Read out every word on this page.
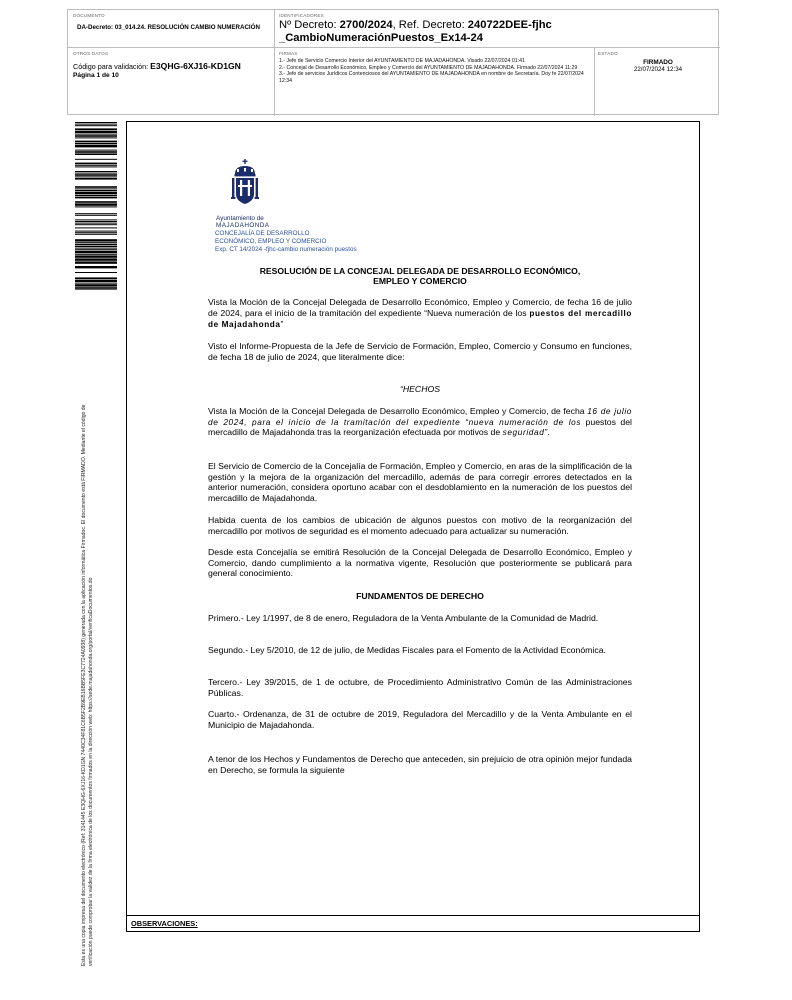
DOCUMENTO
DA-Decreto: 03_014.24. RESOLUCIÓN CAMBIO NUMERACIÓN
IDENTIFICADORES
Nº Decreto: 2700/2024, Ref. Decreto: 240722DEE-fjhc
_CambioNumeraciónPuestos_Ex14-24
OTROS DATOS
Código para validación: E3QHG-6XJ16-KD1GN
Página 1 de 10
FIRMAS
1.- Jefe de Servicio Comercio Interior del AYUNTAMIENTO DE MAJADAHONDA. Visado 22/07/2024 01:41
2.- Concejal de Desarrollo Económico, Empleo y Comercio del AYUNTAMIENTO DE MAJADAHONDA. Firmado 22/07/2024 11:29
3.- Jefe de servicios Jurídicos Contenciosos del AYUNTAMIENTO DE MAJADAHONDA en nombre de Secretaría. Doy fe 22/07/2024 12:34
ESTADO
FIRMADO
22/07/2024 12:34
Esta es una copia impresa del documento electrónico (Ref: 3141445 E3QHG-6XJ16-KD1GN 7440C34F81C6B5F2B9EB16BB5FE3C7724A0938) generada con la aplicación informática Firmadoc. El documento está FIRMADO. Mediante el código de verificación puede comprobar la validez de la firma electrónica de los documentos firmados en la dirección web: https://sede.majadahonda.org/portal/verificaDocumentos.do	OBSERVACIONES:
Ayuntamiento de
MAJADAHONDA
CONCEJALÍA DE DESARROLLO
ECONÓMICO, EMPLEO Y COMERCIO
Exp. CT 14/2024 -fjhc-cambio numeración puestos
RESOLUCIÓN DE LA CONCEJAL DELEGADA DE DESARROLLO ECONÓMICO,
EMPLEO Y COMERCIO
Vista la Moción de la Concejal Delegada de Desarrollo Económico, Empleo y Comercio, de fecha 16 de julio de 2024, para el inicio de la tramitación del expediente “Nueva numeración de los puestos del mercadillo de Majadahonda”
Visto el Informe-Propuesta de la Jefe de Servicio de Formación, Empleo, Comercio y Consumo en funciones, de fecha 18 de julio de 2024, que literalmente dice:
“HECHOS
Vista la Moción de la Concejal Delegada de Desarrollo Económico, Empleo y Comercio, de fecha 16 de julio de 2024, para el inicio de la tramitación del expediente “nueva numeración de los puestos del mercadillo de Majadahonda tras la reorganización efectuada por motivos de seguridad”.
El Servicio de Comercio de la Concejalía de Formación, Empleo y Comercio, en aras de la simplificación de la gestión y la mejora de la organización del mercadillo, además de para corregir errores detectados en la anterior numeración, considera oportuno acabar con el desdoblamiento en la numeración de los puestos del mercadillo de Majadahonda.
Habida cuenta de los cambios de ubicación de algunos puestos con motivo de la reorganización del mercadillo por motivos de seguridad es el momento adecuado para actualizar su numeración.
Desde esta Concejalía se emitirá Resolución de la Concejal Delegada de Desarrollo Económico, Empleo y Comercio, dando cumplimiento a la normativa vigente, Resolución que posteriormente se publicará para general conocimiento.
FUNDAMENTOS DE DERECHO
Primero.- Ley 1/1997, de 8 de enero, Reguladora de la Venta Ambulante de la Comunidad de Madrid.
Segundo.- Ley 5/2010, de 12 de julio, de Medidas Fiscales para el Fomento de la Actividad Económica.
Tercero.- Ley 39/2015, de 1 de octubre, de Procedimiento Administrativo Común de las Administraciones Públicas.
Cuarto.- Ordenanza, de 31 de octubre de 2019, Reguladora del Mercadillo y de la Venta Ambulante en el Municipio de Majadahonda.
A tenor de los Hechos y Fundamentos de Derecho que anteceden, sin prejuicio de otra opinión mejor fundada en Derecho, se formula la siguiente
